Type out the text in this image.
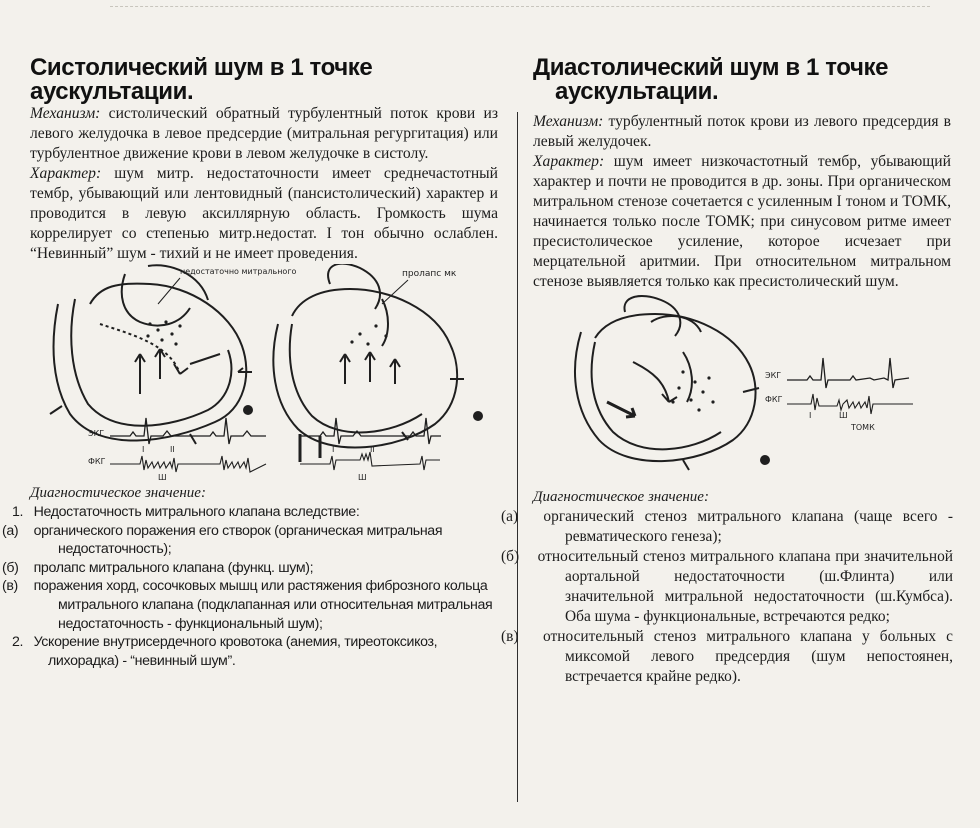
Систолический шум в 1 точке аускультации.

Механизм: систолический обратный турбулентный поток крови из левого желудочка в левое предсердие (митральная регургитация) или турбулентное движение крови в левом желудочке в систолу.

Характер: шум митр. недостаточности имеет среднечастотный тембр, убывающий или лентовидный (пансистолический) характер и проводится в левую аксиллярную область. Громкость шума коррелирует со степенью митр.недостат. I тон обычно ослаблен. “Невинный” шум - тихий и не имеет проведения.

недостаточно митрального	пролапс мк
ЭКГ
ФКГ
I	II
Ш
I	II
Ш

Диагностическое значение:

1. Недостаточность митрального клапана вследствие:
(а) органического поражения его створок (органическая митральная недостаточность);
(б) пролапс митрального клапана (функц. шум);
(в) поражения хорд, сосочковых мышц или растяжения фиброзного кольца митрального клапана (подклапанная или относительная митральная недостаточность - функциональный шум);
2. Ускорение внутрисердечного кровотока (анемия, тиреотоксикоз, лихорадка) - “невинный шум”.
Диастолический шум в 1 точке аускультации.

Механизм: турбулентный поток крови из левого предсердия в левый желудочек.

Характер: шум имеет низкочастотный тембр, убывающий характер и почти не проводится в др. зоны. При органическом митральном стенозе сочетается с усиленным I тоном и ТОМК, начинается только после ТОМК; при синусовом ритме имеет пресистолическое усиление, которое исчезает при мерцательной аритмии. При относительном митральном стенозе выявляется только как пресистолический шум.

ЭКГ
ФКГ
I	Ш
ТОМК

Диагностическое значение:

(а) органический стеноз митрального клапана (чаще всего - ревматического генеза);
(б) относительный стеноз митрального клапана при значительной аортальной недостаточности (ш.Флинта) или значительной митральной недостаточности (ш.Кумбса). Оба шума - функциональные, встречаются редко;
(в) относительный стеноз митрального клапана у больных с миксомой левого предсердия (шум непостоянен, встречается крайне редко).
